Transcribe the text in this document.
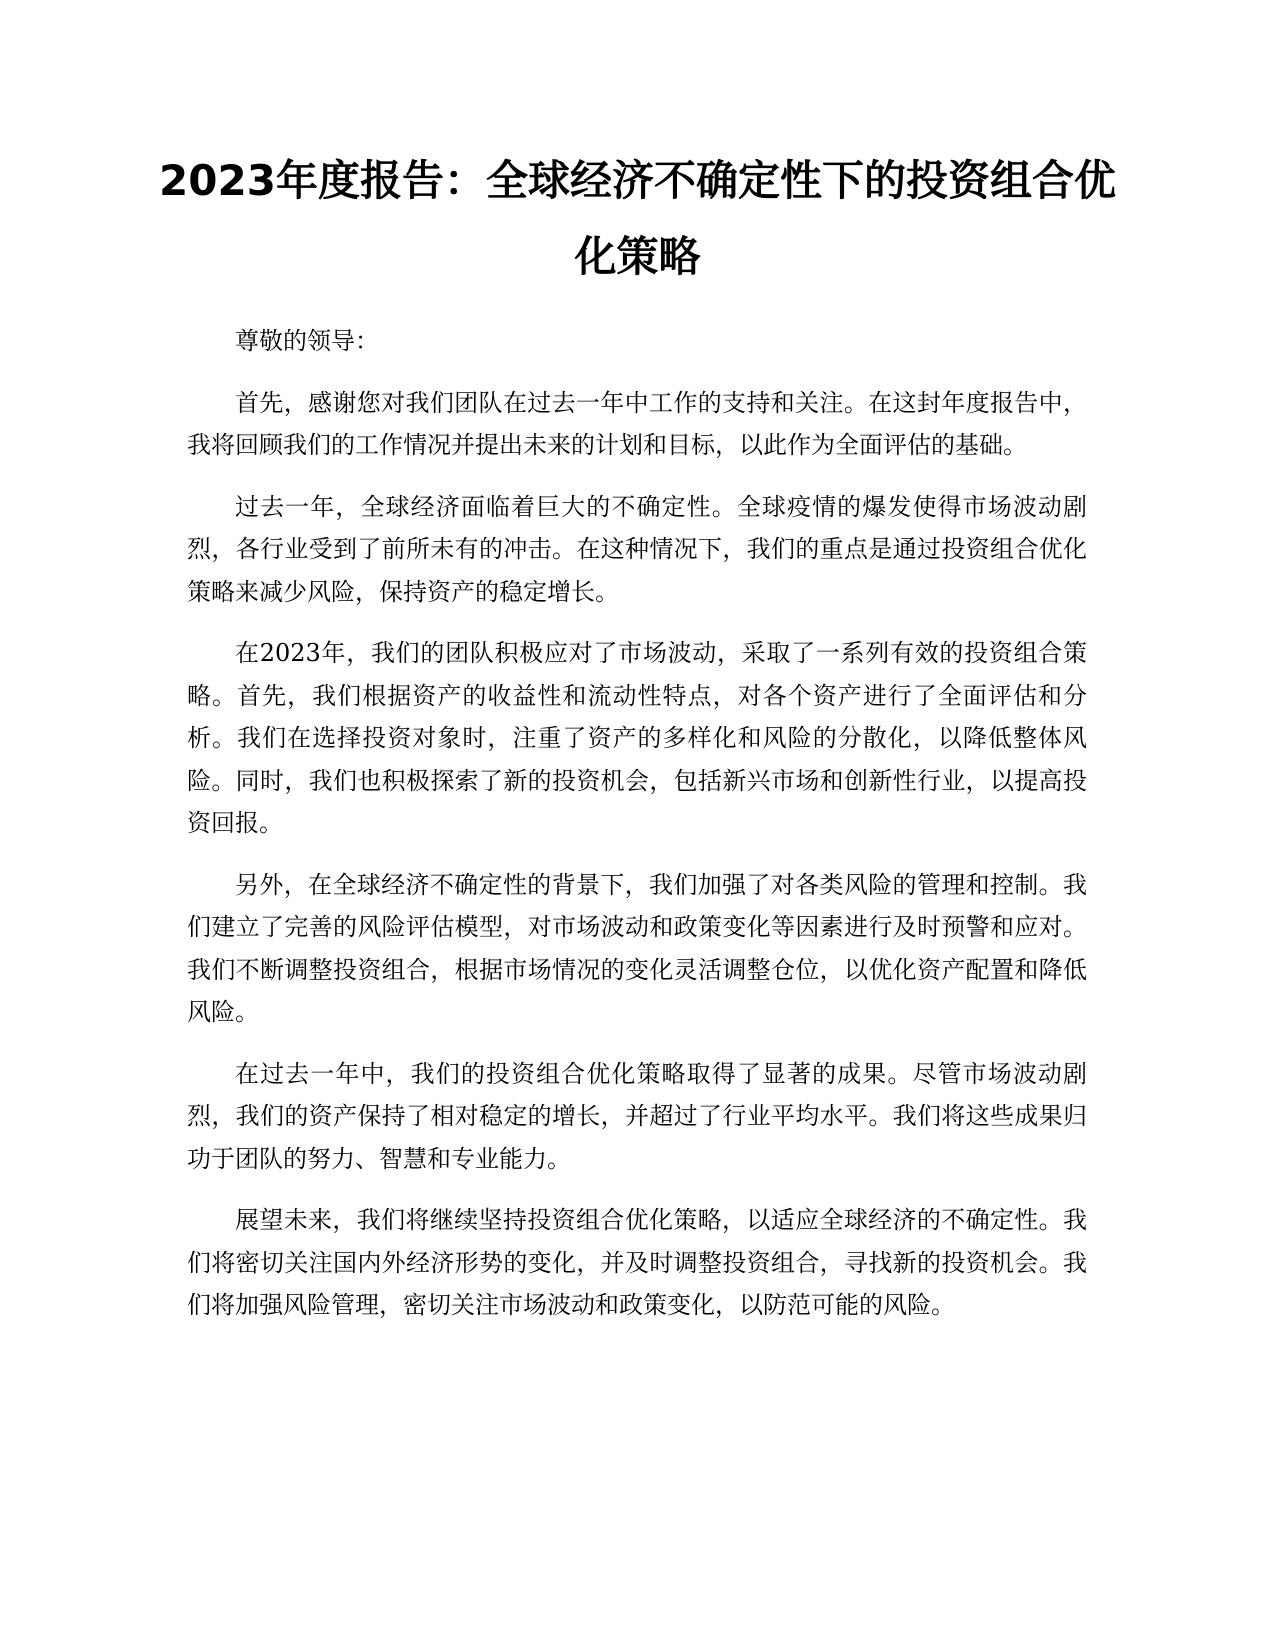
2023年度报告：全球经济不确定性下的投资组合优化策略

尊敬的领导：

首先，感谢您对我们团队在过去一年中工作的支持和关注。在这封年度报告中，我将回顾我们的工作情况并提出未来的计划和目标，以此作为全面评估的基础。

过去一年，全球经济面临着巨大的不确定性。全球疫情的爆发使得市场波动剧烈，各行业受到了前所未有的冲击。在这种情况下，我们的重点是通过投资组合优化策略来减少风险，保持资产的稳定增长。

在2023年，我们的团队积极应对了市场波动，采取了一系列有效的投资组合策略。首先，我们根据资产的收益性和流动性特点，对各个资产进行了全面评估和分析。我们在选择投资对象时，注重了资产的多样化和风险的分散化，以降低整体风险。同时，我们也积极探索了新的投资机会，包括新兴市场和创新性行业，以提高投资回报。

另外，在全球经济不确定性的背景下，我们加强了对各类风险的管理和控制。我们建立了完善的风险评估模型，对市场波动和政策变化等因素进行及时预警和应对。我们不断调整投资组合，根据市场情况的变化灵活调整仓位，以优化资产配置和降低风险。

在过去一年中，我们的投资组合优化策略取得了显著的成果。尽管市场波动剧烈，我们的资产保持了相对稳定的增长，并超过了行业平均水平。我们将这些成果归功于团队的努力、智慧和专业能力。

展望未来，我们将继续坚持投资组合优化策略，以适应全球经济的不确定性。我们将密切关注国内外经济形势的变化，并及时调整投资组合，寻找新的投资机会。我们将加强风险管理，密切关注市场波动和政策变化，以防范可能的风险。
